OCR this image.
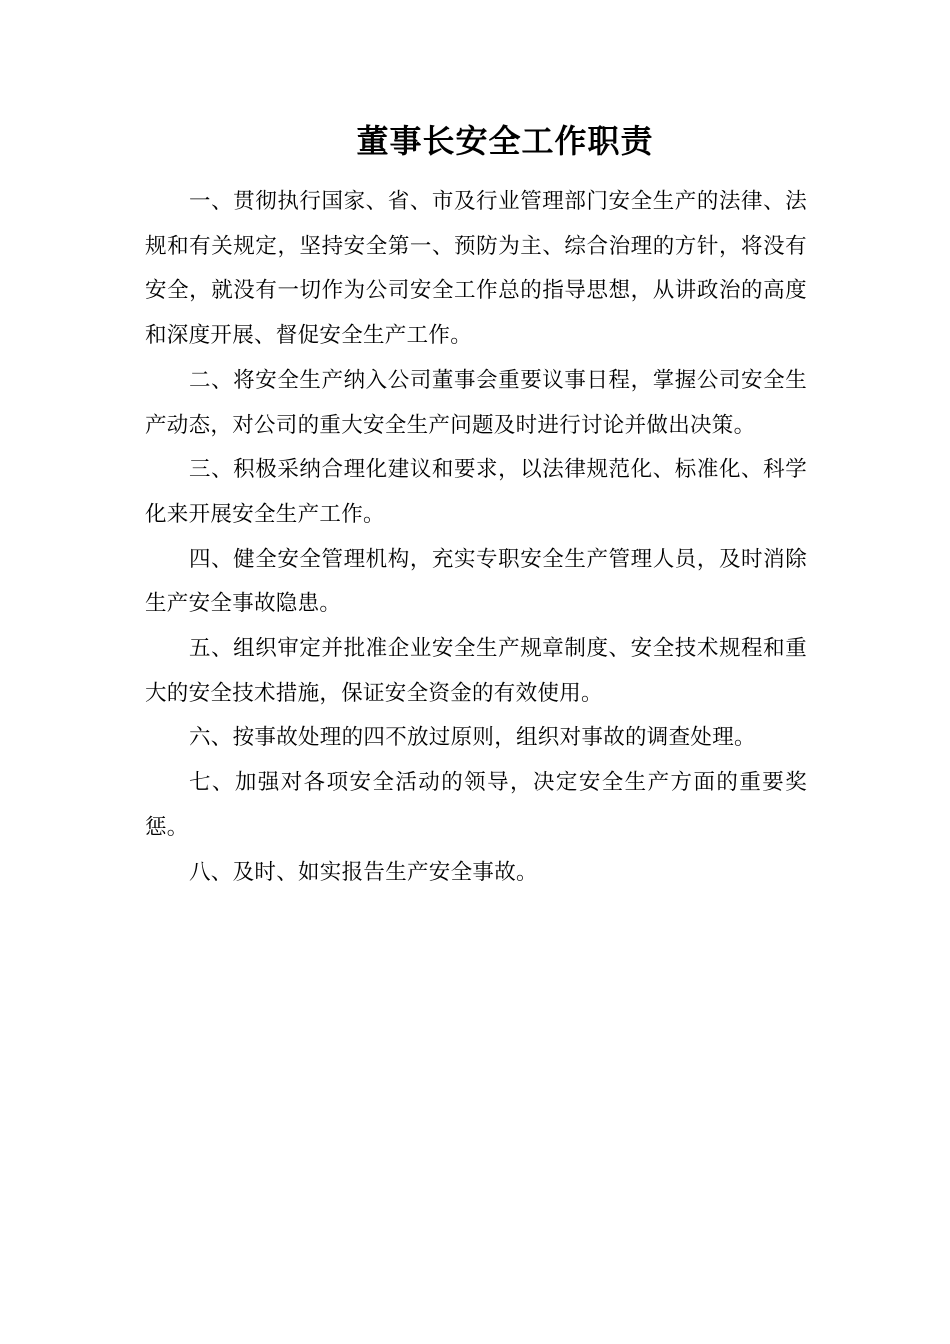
董事长安全工作职责

一、贯彻执行国家、省、市及行业管理部门安全生产的法律、法规和有关规定，坚持安全第一、预防为主、综合治理的方针，将没有安全，就没有一切作为公司安全工作总的指导思想，从讲政治的高度和深度开展、督促安全生产工作。

二、将安全生产纳入公司董事会重要议事日程，掌握公司安全生产动态，对公司的重大安全生产问题及时进行讨论并做出决策。

三、积极采纳合理化建议和要求，以法律规范化、标准化、科学化来开展安全生产工作。

四、健全安全管理机构，充实专职安全生产管理人员，及时消除生产安全事故隐患。

五、组织审定并批准企业安全生产规章制度、安全技术规程和重大的安全技术措施，保证安全资金的有效使用。

六、按事故处理的四不放过原则，组织对事故的调查处理。

七、加强对各项安全活动的领导，决定安全生产方面的重要奖惩。

八、及时、如实报告生产安全事故。
